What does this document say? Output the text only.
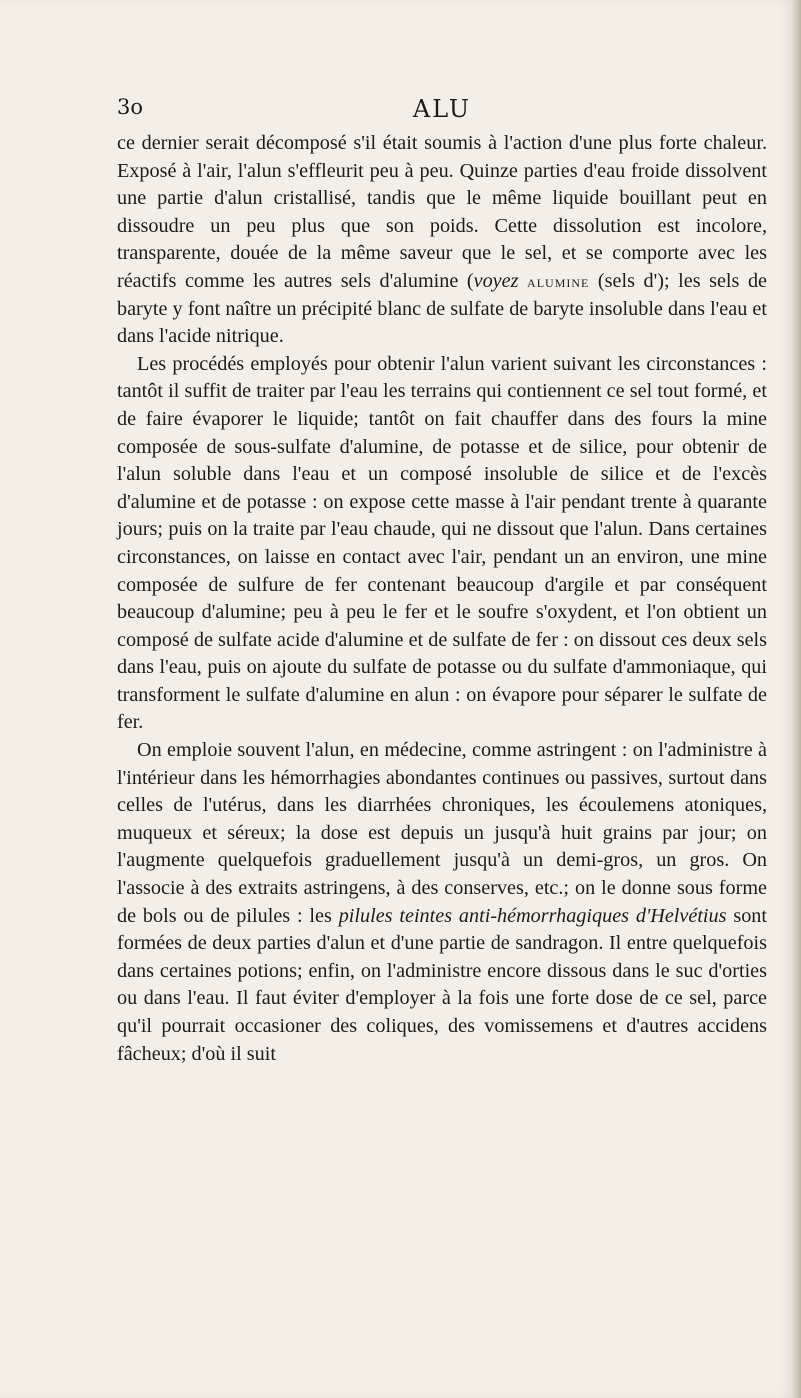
3o	ALU

ce dernier serait décomposé s'il était soumis à l'action d'une plus forte chaleur. Exposé à l'air, l'alun s'effleurit peu à peu. Quinze parties d'eau froide dissolvent une partie d'alun cristallisé, tandis que le même liquide bouillant peut en dissoudre un peu plus que son poids. Cette dissolution est incolore, transparente, douée de la même saveur que le sel, et se comporte avec les réactifs comme les autres sels d'alumine (voyez alumine (sels d'); les sels de baryte y font naître un précipité blanc de sulfate de baryte insoluble dans l'eau et dans l'acide nitrique.

Les procédés employés pour obtenir l'alun varient suivant les circonstances : tantôt il suffit de traiter par l'eau les terrains qui contiennent ce sel tout formé, et de faire évaporer le liquide; tantôt on fait chauffer dans des fours la mine composée de sous-sulfate d'alumine, de potasse et de silice, pour obtenir de l'alun soluble dans l'eau et un composé insoluble de silice et de l'excès d'alumine et de potasse : on expose cette masse à l'air pendant trente à quarante jours; puis on la traite par l'eau chaude, qui ne dissout que l'alun. Dans certaines circonstances, on laisse en contact avec l'air, pendant un an environ, une mine composée de sulfure de fer contenant beaucoup d'argile et par conséquent beaucoup d'alumine; peu à peu le fer et le soufre s'oxydent, et l'on obtient un composé de sulfate acide d'alumine et de sulfate de fer : on dissout ces deux sels dans l'eau, puis on ajoute du sulfate de potasse ou du sulfate d'ammoniaque, qui transforment le sulfate d'alumine en alun : on évapore pour séparer le sulfate de fer.

On emploie souvent l'alun, en médecine, comme astringent : on l'administre à l'intérieur dans les hémorrhagies abondantes continues ou passives, surtout dans celles de l'utérus, dans les diarrhées chroniques, les écoulemens atoniques, muqueux et séreux; la dose est depuis un jusqu'à huit grains par jour; on l'augmente quelquefois graduellement jusqu'à un demi-gros, un gros. On l'associe à des extraits astringens, à des conserves, etc.; on le donne sous forme de bols ou de pilules : les pilules teintes anti-hémorrhagiques d'Helvétius sont formées de deux parties d'alun et d'une partie de sandragon. Il entre quelquefois dans certaines potions; enfin, on l'administre encore dissous dans le suc d'orties ou dans l'eau. Il faut éviter d'employer à la fois une forte dose de ce sel, parce qu'il pourrait occasioner des coliques, des vomissemens et d'autres accidens fâcheux; d'où il suit
